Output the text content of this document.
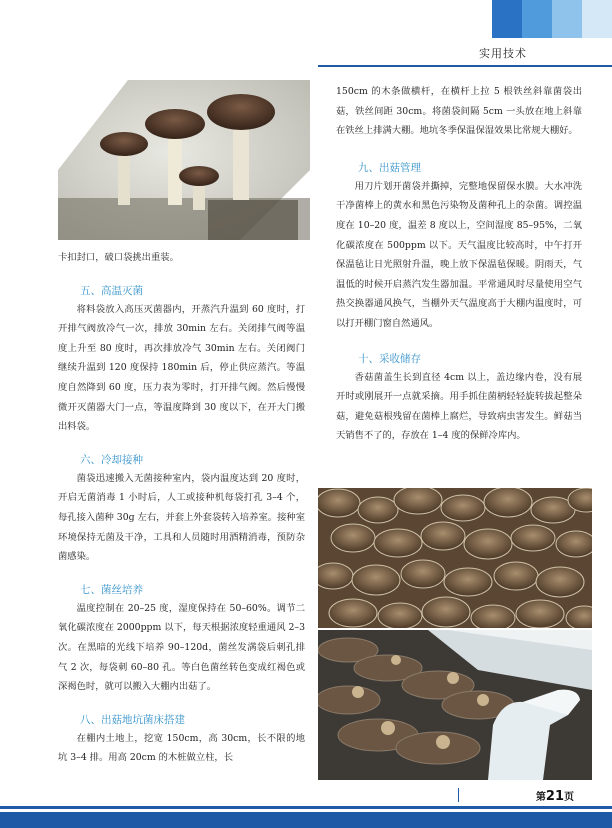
实用技术

卡扣封口，破口袋挑出重装。

五、高温灭菌

将料袋放入高压灭菌器内，开蒸汽升温到 60 度时，打开排气阀放冷气一次，排放 30min 左右。关闭排气阀等温度上升至 80 度时，再次排放冷气 30min 左右。关闭阀门继续升温到 120 度保持 180min 后，停止供应蒸汽。等温度自然降到 60 度，压力表为零时，打开排气阀。然后慢慢微开灭菌器大门一点，等温度降到 30 度以下，在开大门搬出料袋。

六、冷却接种

菌袋迅速搬入无菌接种室内，袋内温度达到 20 度时，开启无菌消毒 1 小时后，人工或接种机每袋打孔 3–4 个，每孔接入菌种 30g 左右，并套上外套袋转入培养室。接种室环境保持无菌及干净，工具和人员随时用酒精消毒，预防杂菌感染。

七、菌丝培养

温度控制在 20–25 度，湿度保持在 50–60%。调节二氧化碳浓度在 2000ppm 以下，每天根据浓度轻重通风 2–3 次。在黑暗的光线下培养 90–120d，菌丝发满袋后刺孔排气 2 次，每袋刺 60–80 孔。等白色菌丝转色变成红褐色或深褐色时，就可以搬入大棚内出菇了。

八、出菇地坑菌床搭建

在棚内土地上，挖宽 150cm，高 30cm，长不限的地坑 3–4 排。用高 20cm 的木桩做立柱，长

150cm 的木条做横杆，在横杆上拉 5 根铁丝斜靠菌袋出菇，铁丝间距 30cm。将菌袋间隔 5cm 一头放在地上斜靠在铁丝上排满大棚。地坑冬季保温保湿效果比常规大棚好。

九、出菇管理

用刀片划开菌袋并撕掉，完整地保留保水膜。大水冲洗干净菌棒上的黄水和黑色污染物及菌种孔上的杂菌。调控温度在 10–20 度，温差 8 度以上，空间湿度 85–95%，二氧化碳浓度在 500ppm 以下。天气温度比较高时，中午打开保温毡让日光照射升温，晚上放下保温毡保暖。阴雨天，气温低的时候开启蒸汽发生器加温。平常通风时尽量使用空气热交换器通风换气，当棚外天气温度高于大棚内温度时，可以打开棚门窗自然通风。

十、采收储存

香菇菌盖生长到直径 4cm 以上，盖边缘内卷，没有展开时或刚展开一点就采摘。用手抓住菌柄轻轻旋转拔起整朵菇，避免菇根残留在菌棒上腐烂，导致病虫害发生。鲜菇当天销售不了的，存放在 1–4 度的保鲜冷库内。

第21页
